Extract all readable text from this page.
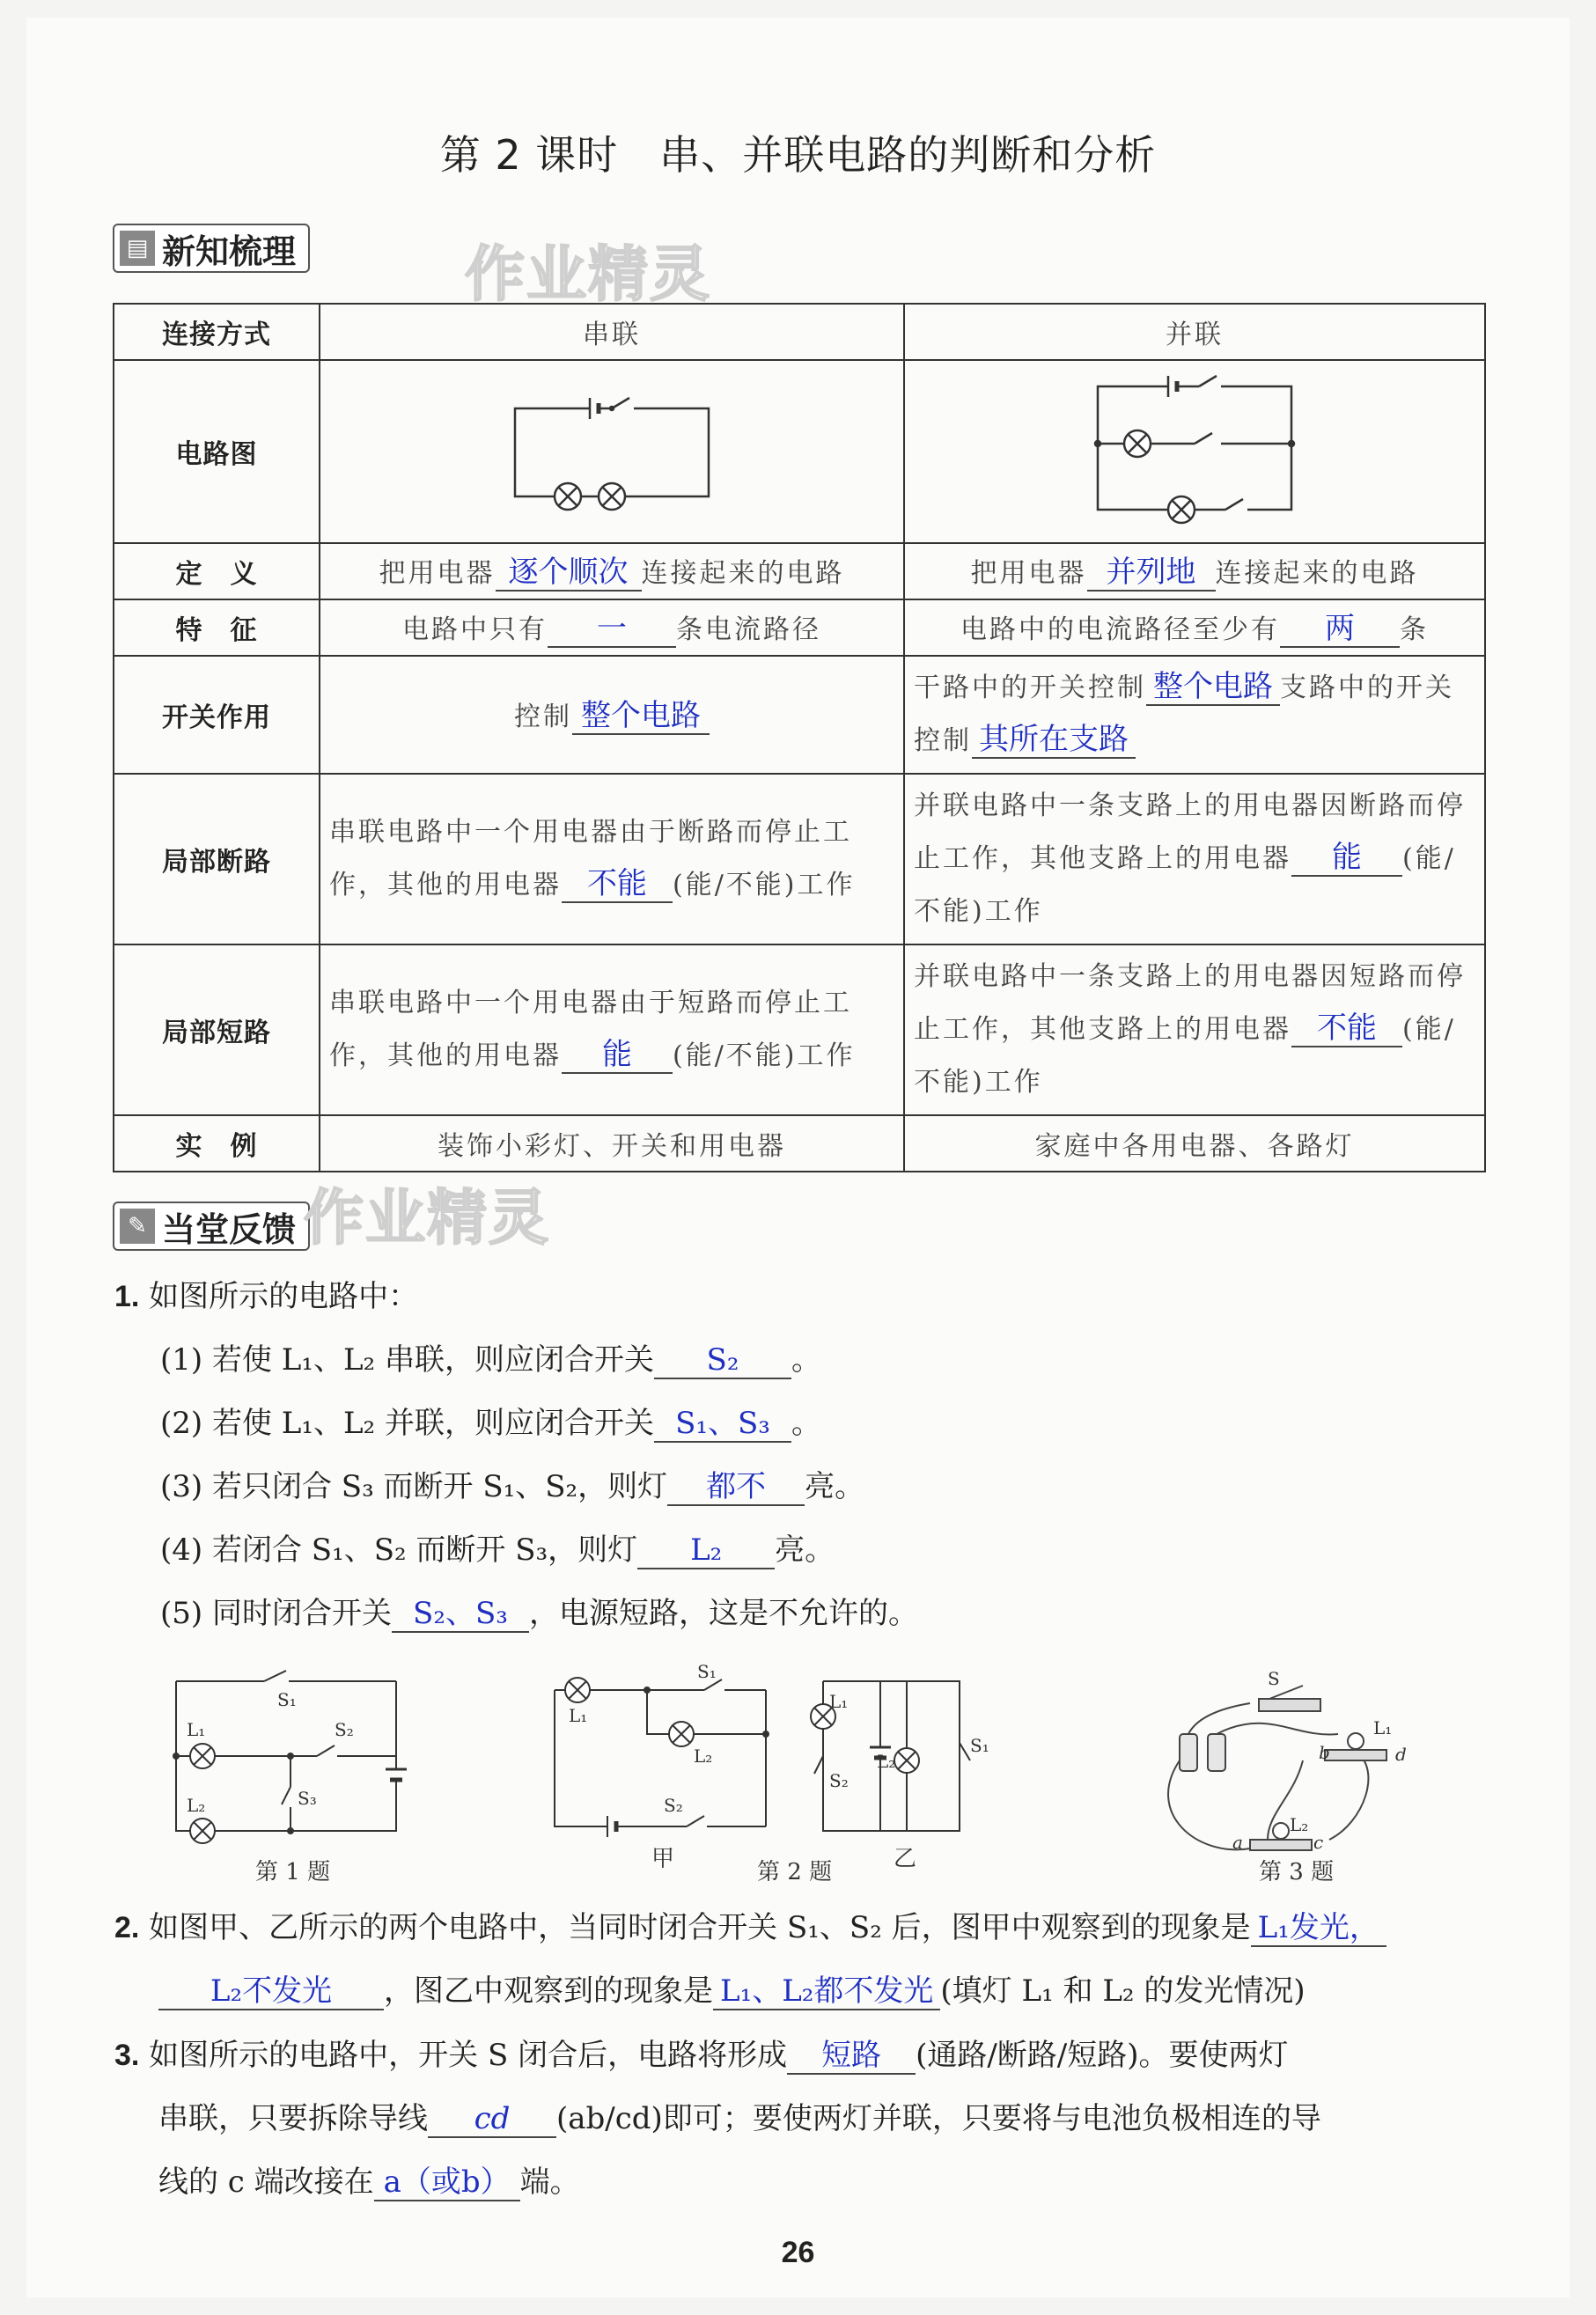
第 2 课时　串、并联电路的判断和分析
▤ 新知梳理	作业精灵
连接方式	串联	并联
电路图		
定　义	把用电器 逐个顺次 连接起来的电路	把用电器 并列地 连接起来的电路
特　征	电路中只有 一 条电流路径	电路中的电流路径至少有 两 条
开关作用	控制 整个电路	干路中的开关控制 整个电路 支路中的开关控制 其所在支路
局部断路	串联电路中一个用电器由于断路而停止工作，其他的用电器 不能 (能/不能)工作	并联电路中一条支路上的用电器因断路而停止工作，其他支路上的用电器 能 (能/不能)工作
局部短路	串联电路中一个用电器由于短路而停止工作，其他的用电器 能 (能/不能)工作	并联电路中一条支路上的用电器因短路而停止工作，其他支路上的用电器 不能 (能/不能)工作
实　例	装饰小彩灯、开关和用电器	家庭中各用电器、各路灯
✎ 当堂反馈 作业精灵
1. 如图所示的电路中：
(1) 若使 L₁、L₂ 串联，则应闭合开关 S₂ 。
(2) 若使 L₁、L₂ 并联，则应闭合开关 S₁、S₃ 。
(3) 若只闭合 S₃ 而断开 S₁、S₂，则灯 都不 亮。
(4) 若闭合 S₁、S₂ 而断开 S₃，则灯 L₂ 亮。
(5) 同时闭合开关 S₂、S₃ ，电源短路，这是不允许的。
S₁
L₁	S₂
L₂	S₃
第 1 题
S₁
L₁
L₂
S₂
甲
L₁
S₂
L₂
S₁
乙
第 2 题
S
L₁
b	d
L₂
a	c
第 3 题
2. 如图甲、乙所示的两个电路中，当同时闭合开关 S₁、S₂ 后，图甲中观察到的现象是 L₁发光，
L₂不发光 ，图乙中观察到的现象是 L₁、L₂都不发光 (填灯 L₁ 和 L₂ 的发光情况)
3. 如图所示的电路中，开关 S 闭合后，电路将形成 短路 (通路/断路/短路)。要使两灯
串联，只要拆除导线 cd (ab/cd)即可；要使两灯并联，只要将与电池负极相连的导
线的 c 端改接在 a（或b） 端。
26
